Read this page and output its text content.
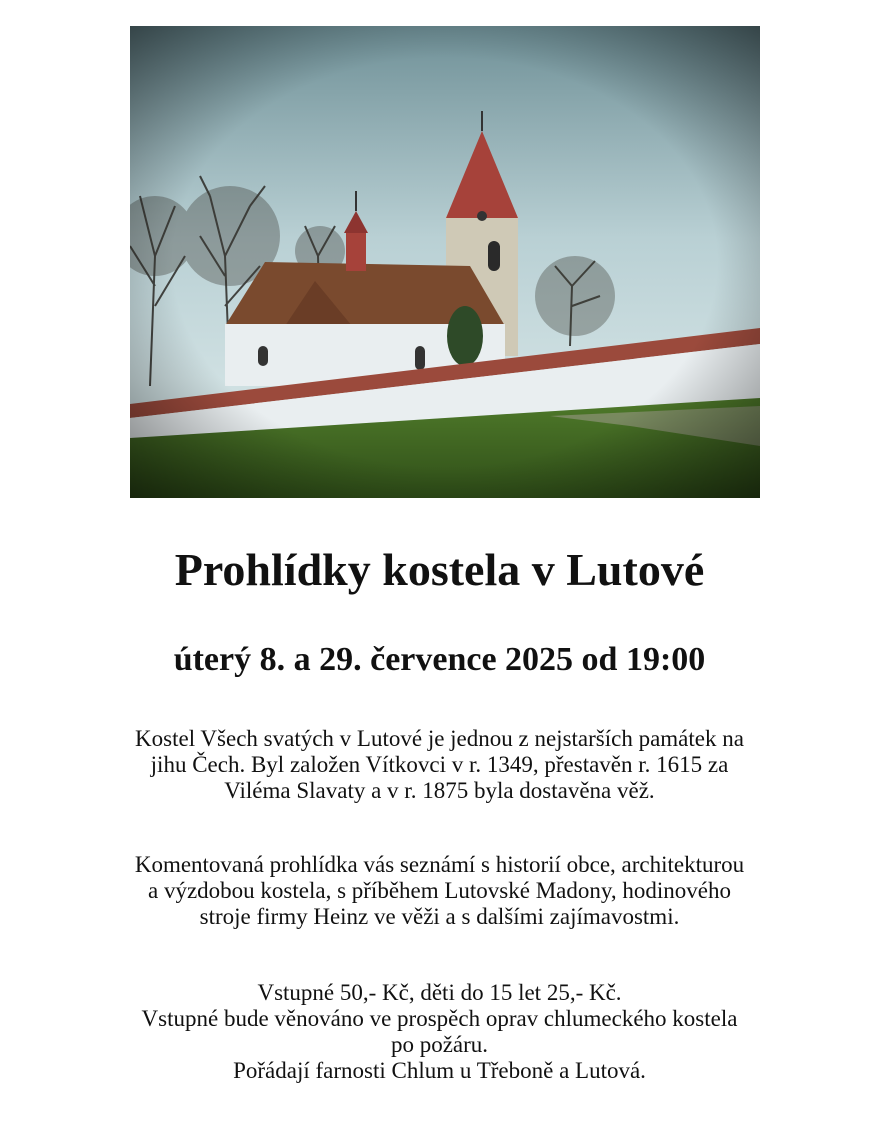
Prohlídky kostela v Lutové
úterý 8. a 29. července 2025 od 19:00
Kostel Všech svatých v Lutové je jednou z nejstarších památek na
jihu Čech. Byl založen Vítkovci v r. 1349, přestavěn r. 1615 za
Viléma Slavaty a v r. 1875 byla dostavěna věž.
Komentovaná prohlídka vás seznámí s historií obce, architekturou
a výzdobou kostela, s příběhem Lutovské Madony, hodinového
stroje firmy Heinz ve věži a s dalšími zajímavostmi.
Vstupné 50,- Kč, děti do 15 let 25,- Kč.
Vstupné bude věnováno ve prospěch oprav chlumeckého kostela
po požáru.
Pořádají farnosti Chlum u Třeboně a Lutová.
